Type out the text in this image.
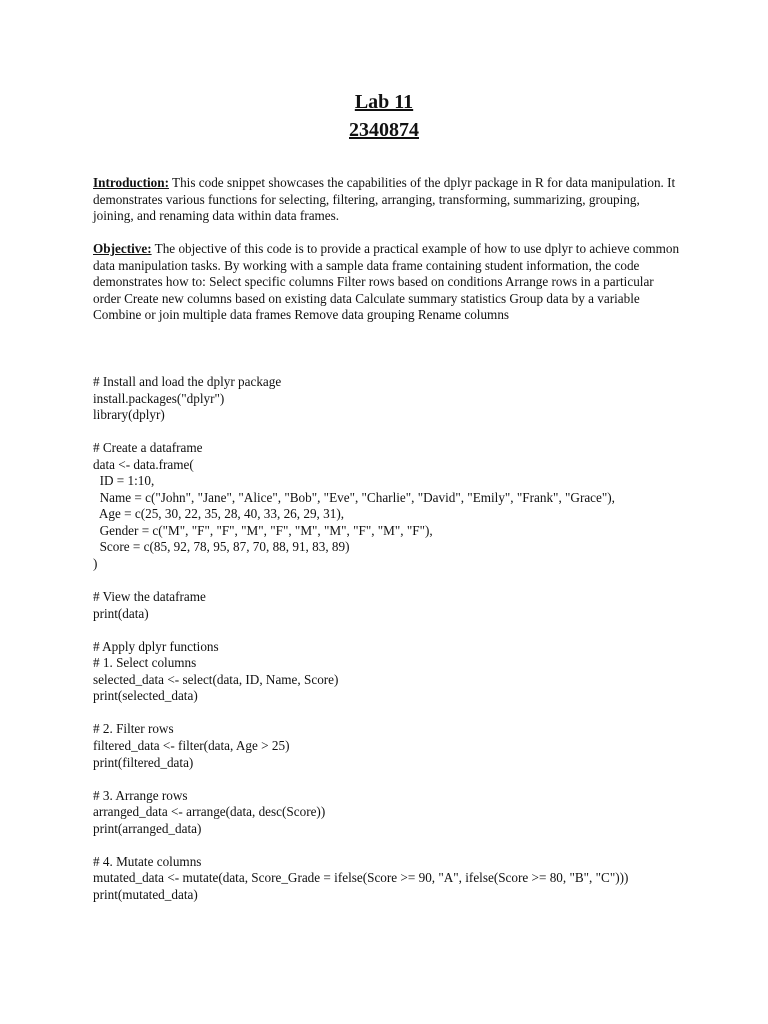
Lab 11
2340874

Introduction: This code snippet showcases the capabilities of the dplyr package in R for data manipulation. It demonstrates various functions for selecting, filtering, arranging, transforming, summarizing, grouping, joining, and renaming data within data frames.

Objective: The objective of this code is to provide a practical example of how to use dplyr to achieve common data manipulation tasks. By working with a sample data frame containing student information, the code demonstrates how to: Select specific columns Filter rows based on conditions Arrange rows in a particular order Create new columns based on existing data Calculate summary statistics Group data by a variable Combine or join multiple data frames Remove data grouping Rename columns

# Install and load the dplyr package
install.packages("dplyr")
library(dplyr)
# Create a dataframe
data <- data.frame(
ID = 1:10,
Name = c("John", "Jane", "Alice", "Bob", "Eve", "Charlie", "David", "Emily", "Frank", "Grace"),
Age = c(25, 30, 22, 35, 28, 40, 33, 26, 29, 31),
Gender = c("M", "F", "F", "M", "F", "M", "M", "F", "M", "F"),
Score = c(85, 92, 78, 95, 87, 70, 88, 91, 83, 89)
)
# View the dataframe
print(data)
# Apply dplyr functions
# 1. Select columns
selected_data <- select(data, ID, Name, Score)
print(selected_data)
# 2. Filter rows
filtered_data <- filter(data, Age > 25)
print(filtered_data)
# 3. Arrange rows
arranged_data <- arrange(data, desc(Score))
print(arranged_data)
# 4. Mutate columns
mutated_data <- mutate(data, Score_Grade = ifelse(Score >= 90, "A", ifelse(Score >= 80, "B", "C")))
print(mutated_data)
